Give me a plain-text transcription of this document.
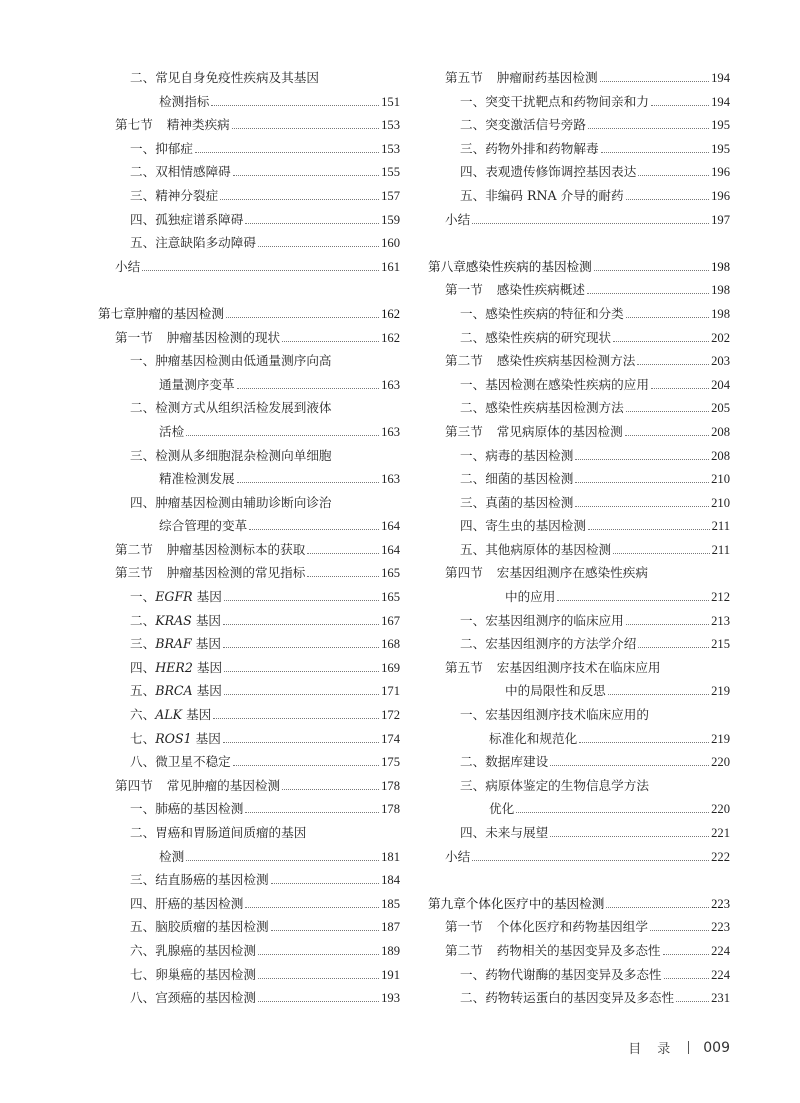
二、常见自身免疫性疾病及其基因
检测指标	151
第七节 精神类疾病	153
一、抑郁症	153
二、双相情感障碍	155
三、精神分裂症	157
四、孤独症谱系障碍	159
五、注意缺陷多动障碍	160
小结	161
第七章肿瘤的基因检测	162
第一节 肿瘤基因检测的现状	162
一、肿瘤基因检测由低通量测序向高
通量测序变革	163
二、检测方式从组织活检发展到液体
活检	163
三、检测从多细胞混杂检测向单细胞
精准检测发展	163
四、肿瘤基因检测由辅助诊断向诊治
综合管理的变革	164
第二节 肿瘤基因检测标本的获取	164
第三节 肿瘤基因检测的常见指标	165
一、EGFR 基因	165
二、KRAS 基因	167
三、BRAF 基因	168
四、HER2 基因	169
五、BRCA 基因	171
六、ALK 基因	172
七、ROS1 基因	174
八、微卫星不稳定	175
第四节 常见肿瘤的基因检测	178
一、肺癌的基因检测	178
二、胃癌和胃肠道间质瘤的基因
检测	181
三、结直肠癌的基因检测	184
四、肝癌的基因检测	185
五、脑胶质瘤的基因检测	187
六、乳腺癌的基因检测	189
七、卵巢癌的基因检测	191
八、宫颈癌的基因检测	193
第五节 肿瘤耐药基因检测	194
一、突变干扰靶点和药物间亲和力	194
二、突变激活信号旁路	195
三、药物外排和药物解毒	195
四、表观遗传修饰调控基因表达	196
五、非编码 RNA 介导的耐药	196
小结	197
第八章感染性疾病的基因检测	198
第一节 感染性疾病概述	198
一、感染性疾病的特征和分类	198
二、感染性疾病的研究现状	202
第二节 感染性疾病基因检测方法	203
一、基因检测在感染性疾病的应用	204
二、感染性疾病基因检测方法	205
第三节 常见病原体的基因检测	208
一、病毒的基因检测	208
二、细菌的基因检测	210
三、真菌的基因检测	210
四、寄生虫的基因检测	211
五、其他病原体的基因检测	211
第四节 宏基因组测序在感染性疾病
中的应用	212
一、宏基因组测序的临床应用	213
二、宏基因组测序的方法学介绍	215
第五节 宏基因组测序技术在临床应用
中的局限性和反思	219
一、宏基因组测序技术临床应用的
标准化和规范化	219
二、数据库建设	220
三、病原体鉴定的生物信息学方法
优化	220
四、未来与展望	221
小结	222
第九章个体化医疗中的基因检测	223
第一节 个体化医疗和药物基因组学	223
第二节 药物相关的基因变异及多态性	224
一、药物代谢酶的基因变异及多态性	224
二、药物转运蛋白的基因变异及多态性	231
目录 009
